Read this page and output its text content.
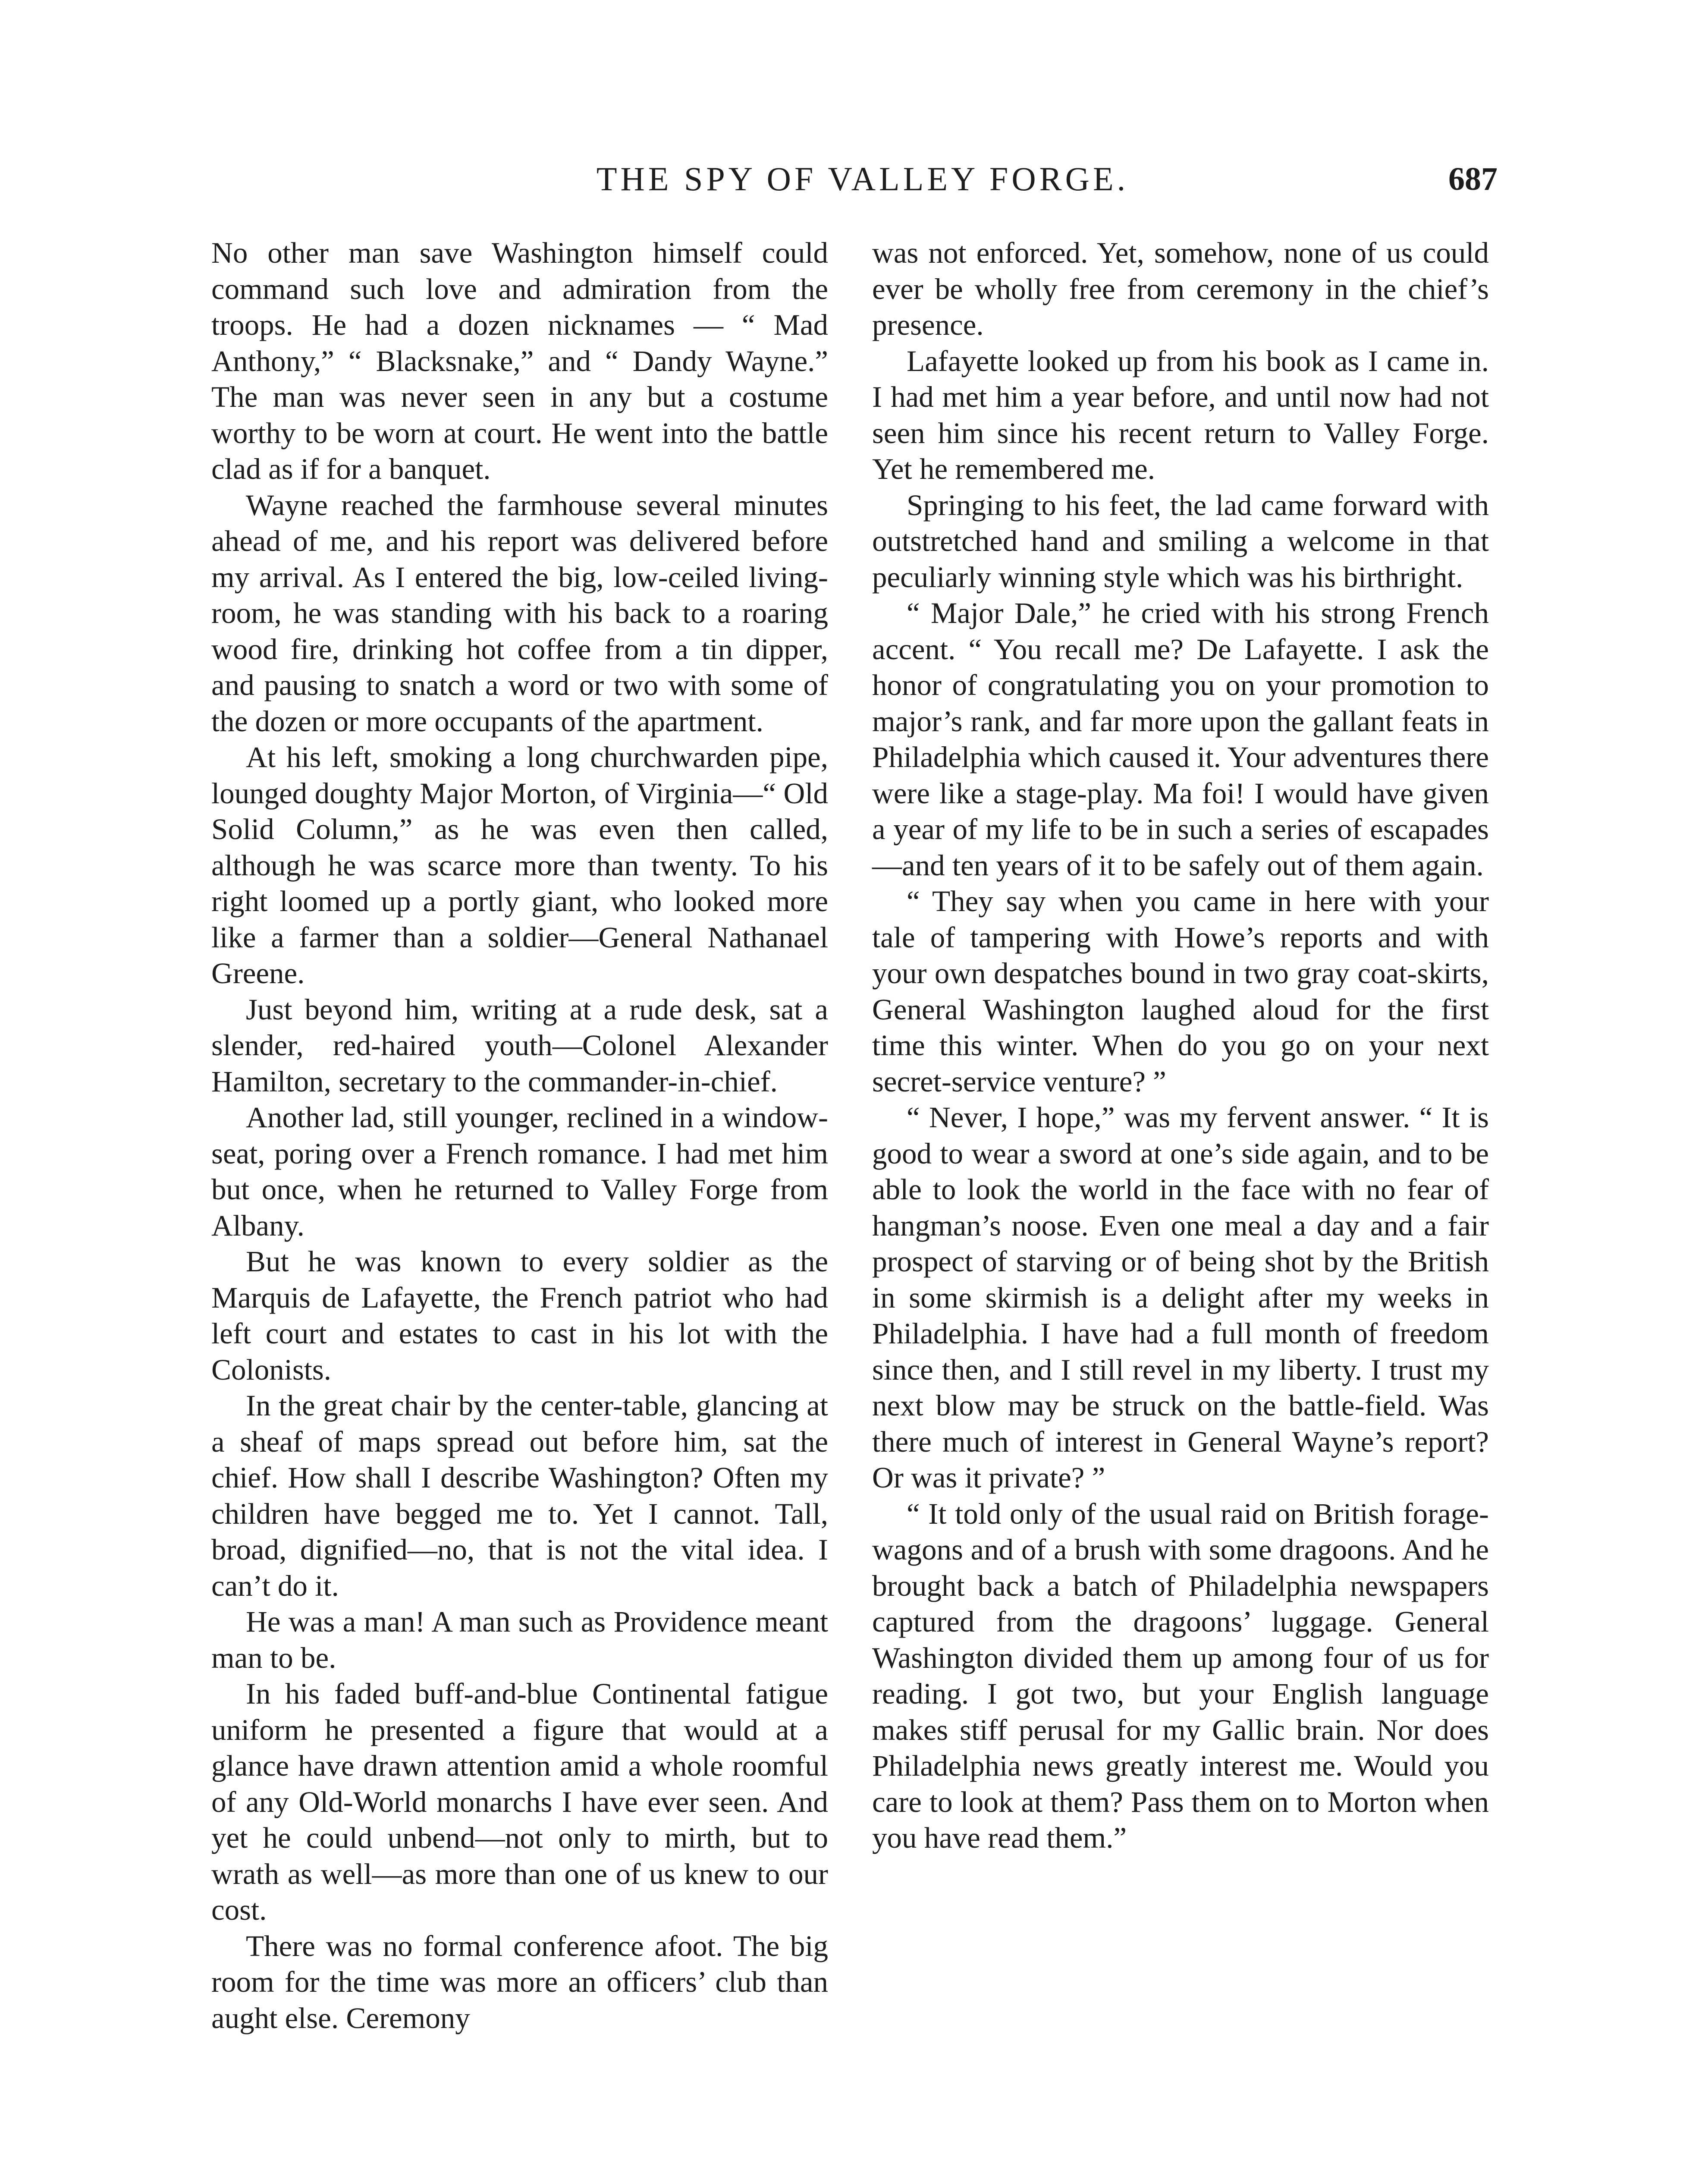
THE SPY OF VALLEY FORGE.	687

No other man save Washington himself could command such love and admiration from the troops. He had a dozen nicknames — “ Mad Anthony,” “ Blacksnake,” and “ Dandy Wayne.” The man was never seen in any but a costume worthy to be worn at court. He went into the battle clad as if for a banquet.

Wayne reached the farmhouse several minutes ahead of me, and his report was delivered before my arrival. As I entered the big, low-ceiled living-room, he was standing with his back to a roaring wood fire, drinking hot coffee from a tin dipper, and pausing to snatch a word or two with some of the dozen or more occupants of the apartment.

At his left, smoking a long churchwarden pipe, lounged doughty Major Morton, of Virginia—“ Old Solid Column,” as he was even then called, although he was scarce more than twenty. To his right loomed up a portly giant, who looked more like a farmer than a soldier—General Nathanael Greene.

Just beyond him, writing at a rude desk, sat a slender, red-haired youth—Colonel Alexander Hamilton, secretary to the commander-in-chief.

Another lad, still younger, reclined in a window-seat, poring over a French romance. I had met him but once, when he returned to Valley Forge from Albany.

But he was known to every soldier as the Marquis de Lafayette, the French patriot who had left court and estates to cast in his lot with the Colonists.

In the great chair by the center-table, glancing at a sheaf of maps spread out before him, sat the chief. How shall I describe Washington? Often my children have begged me to. Yet I cannot. Tall, broad, dignified—no, that is not the vital idea. I can’t do it.

He was a man! A man such as Providence meant man to be.

In his faded buff-and-blue Continental fatigue uniform he presented a figure that would at a glance have drawn attention amid a whole roomful of any Old-World monarchs I have ever seen. And yet he could unbend—not only to mirth, but to wrath as well—as more than one of us knew to our cost.

There was no formal conference afoot. The big room for the time was more an officers’ club than aught else. Ceremony

was not enforced. Yet, somehow, none of us could ever be wholly free from ceremony in the chief’s presence.

Lafayette looked up from his book as I came in. I had met him a year before, and until now had not seen him since his recent return to Valley Forge. Yet he remembered me.

Springing to his feet, the lad came forward with outstretched hand and smiling a welcome in that peculiarly winning style which was his birthright.

“ Major Dale,” he cried with his strong French accent. “ You recall me? De Lafayette. I ask the honor of congratulating you on your promotion to major’s rank, and far more upon the gallant feats in Philadelphia which caused it. Your adventures there were like a stage-play. Ma foi! I would have given a year of my life to be in such a series of escapades—and ten years of it to be safely out of them again.

“ They say when you came in here with your tale of tampering with Howe’s reports and with your own despatches bound in two gray coat-skirts, General Washington laughed aloud for the first time this winter. When do you go on your next secret-service venture? ”

“ Never, I hope,” was my fervent answer. “ It is good to wear a sword at one’s side again, and to be able to look the world in the face with no fear of hangman’s noose. Even one meal a day and a fair prospect of starving or of being shot by the British in some skirmish is a delight after my weeks in Philadelphia. I have had a full month of freedom since then, and I still revel in my liberty. I trust my next blow may be struck on the battle-field. Was there much of interest in General Wayne’s report? Or was it private? ”

“ It told only of the usual raid on British forage-wagons and of a brush with some dragoons. And he brought back a batch of Philadelphia newspapers captured from the dragoons’ luggage. General Washington divided them up among four of us for reading. I got two, but your English language makes stiff perusal for my Gallic brain. Nor does Philadelphia news greatly interest me. Would you care to look at them? Pass them on to Morton when you have read them.”
